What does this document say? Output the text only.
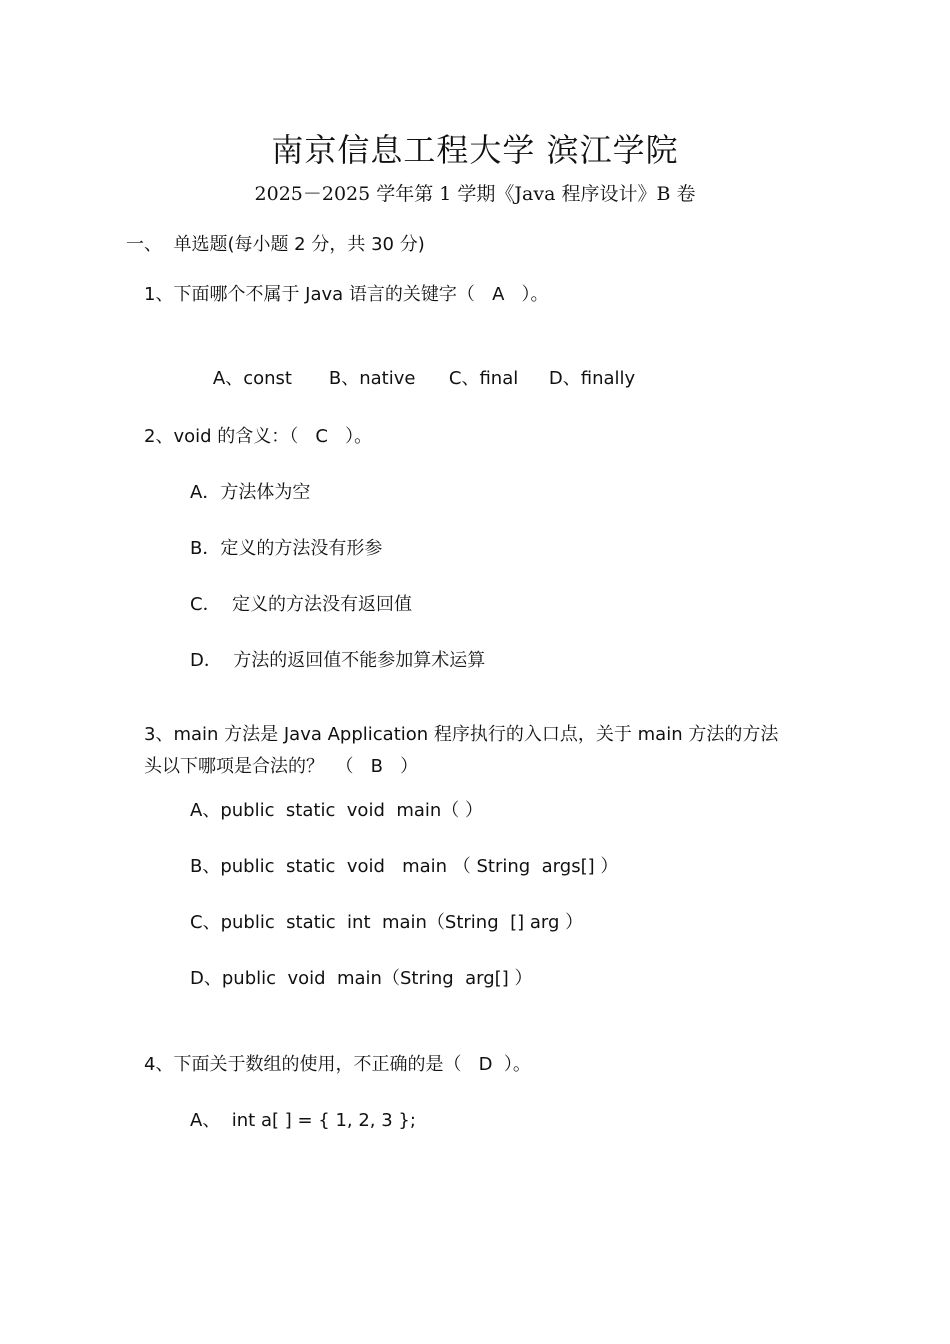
南京信息工程大学 滨江学院
2025－2025 学年第 1 学期《Java 程序设计》B 卷
一、  单选题(每小题 2 分，共 30 分)
1、下面哪个不属于 Java 语言的关键字（   A   ）。

A、const B、native C、final D、finally

2、void 的含义：（   C   ）。
A．方法体为空
B．定义的方法没有形参
C．  定义的方法没有返回值
D．  方法的返回值不能参加算术运算
3、main 方法是 Java Application 程序执行的入口点，关于 main 方法的方法
头以下哪项是合法的？  （   B   ）
A、public  static  void  main（ ）
B、public  static  void   main （ String  args[] ）
C、public  static  int  main（String  [] arg ）
D、public  void  main（String  arg[] ）
4、下面关于数组的使用，不正确的是（   D  ）。
A、  int a[ ] = { 1, 2, 3 };
